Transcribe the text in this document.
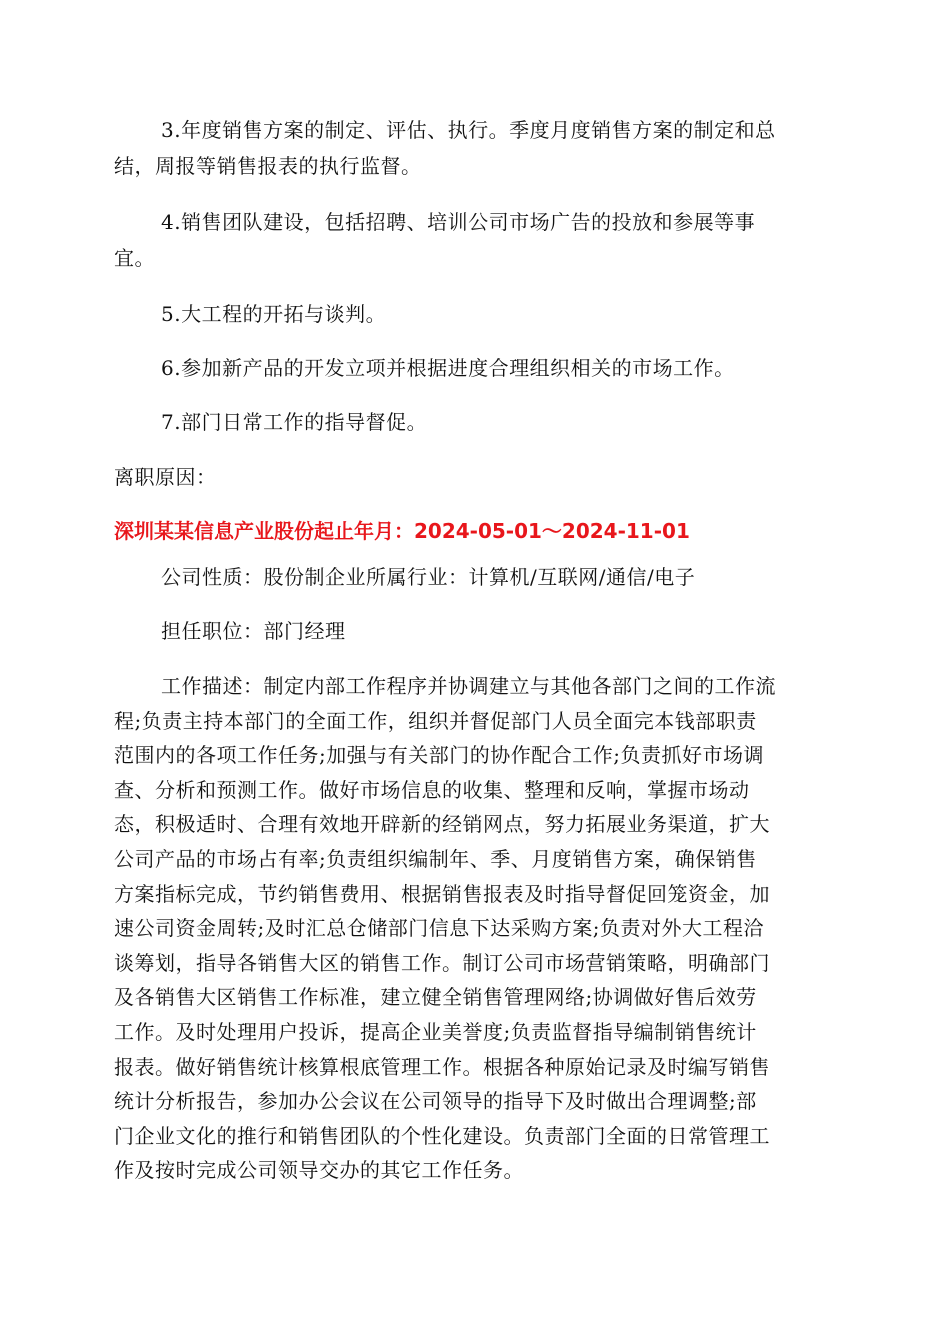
3.年度销售方案的制定、评估、执行。季度月度销售方案的制定和总
结，周报等销售报表的执行监督。
4.销售团队建设，包括招聘、培训公司市场广告的投放和参展等事
宜。
5.大工程的开拓与谈判。
6.参加新产品的开发立项并根据进度合理组织相关的市场工作。
7.部门日常工作的指导督促。
离职原因：
深圳某某信息产业股份起止年月：2024-05-01～2024-11-01
公司性质：股份制企业所属行业：计算机/互联网/通信/电子
担任职位：部门经理
工作描述：制定内部工作程序并协调建立与其他各部门之间的工作流
程;负责主持本部门的全面工作，组织并督促部门人员全面完本钱部职责
范围内的各项工作任务;加强与有关部门的协作配合工作;负责抓好市场调
查、分析和预测工作。做好市场信息的收集、整理和反响，掌握市场动
态，积极适时、合理有效地开辟新的经销网点，努力拓展业务渠道，扩大
公司产品的市场占有率;负责组织编制年、季、月度销售方案，确保销售
方案指标完成，节约销售费用、根据销售报表及时指导督促回笼资金，加
速公司资金周转;及时汇总仓储部门信息下达采购方案;负责对外大工程洽
谈筹划，指导各销售大区的销售工作。制订公司市场营销策略，明确部门
及各销售大区销售工作标准，建立健全销售管理网络;协调做好售后效劳
工作。及时处理用户投诉，提高企业美誉度;负责监督指导编制销售统计
报表。做好销售统计核算根底管理工作。根据各种原始记录及时编写销售
统计分析报告，参加办公会议在公司领导的指导下及时做出合理调整;部
门企业文化的推行和销售团队的个性化建设。负责部门全面的日常管理工
作及按时完成公司领导交办的其它工作任务。
